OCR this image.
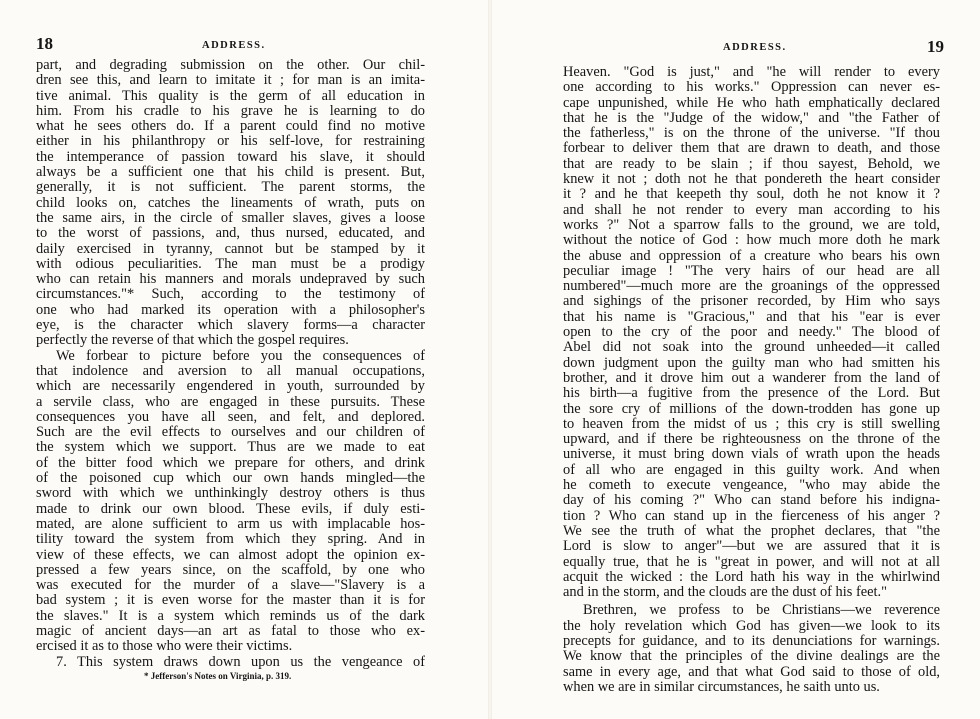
18	ADDRESS.
part, and degrading submission on the other. Our chil-
dren see this, and learn to imitate it ; for man is an imita-
tive animal. This quality is the germ of all education in
him. From his cradle to his grave he is learning to do
what he sees others do. If a parent could find no motive
either in his philanthropy or his self-love, for restraining
the intemperance of passion toward his slave, it should
always be a sufficient one that his child is present. But,
generally, it is not sufficient. The parent storms, the
child looks on, catches the lineaments of wrath, puts on
the same airs, in the circle of smaller slaves, gives a loose
to the worst of passions, and, thus nursed, educated, and
daily exercised in tyranny, cannot but be stamped by it
with odious peculiarities. The man must be a prodigy
who can retain his manners and morals undepraved by such
circumstances."* Such, according to the testimony of
one who had marked its operation with a philosopher's
eye, is the character which slavery forms—a character
perfectly the reverse of that which the gospel requires.
We forbear to picture before you the consequences of
that indolence and aversion to all manual occupations,
which are necessarily engendered in youth, surrounded by
a servile class, who are engaged in these pursuits. These
consequences you have all seen, and felt, and deplored.
Such are the evil effects to ourselves and our children of
the system which we support. Thus are we made to eat
of the bitter food which we prepare for others, and drink
of the poisoned cup which our own hands mingled—the
sword with which we unthinkingly destroy others is thus
made to drink our own blood. These evils, if duly esti-
mated, are alone sufficient to arm us with implacable hos-
tility toward the system from which they spring. And in
view of these effects, we can almost adopt the opinion ex-
pressed a few years since, on the scaffold, by one who
was executed for the murder of a slave—"Slavery is a
bad system ; it is even worse for the master than it is for
the slaves." It is a system which reminds us of the dark
magic of ancient days—an art as fatal to those who ex-
ercised it as to those who were their victims.
7. This system draws down upon us the vengeance of
* Jefferson's Notes on Virginia, p. 319.
ADDRESS.	19
Heaven. "God is just," and "he will render to every
one according to his works." Oppression can never es-
cape unpunished, while He who hath emphatically declared
that he is the "Judge of the widow," and "the Father of
the fatherless," is on the throne of the universe. "If thou
forbear to deliver them that are drawn to death, and those
that are ready to be slain ; if thou sayest, Behold, we
knew it not ; doth not he that pondereth the heart consider
it ? and he that keepeth thy soul, doth he not know it ?
and shall he not render to every man according to his
works ?" Not a sparrow falls to the ground, we are told,
without the notice of God : how much more doth he mark
the abuse and oppression of a creature who bears his own
peculiar image ! "The very hairs of our head are all
numbered"—much more are the groanings of the oppressed
and sighings of the prisoner recorded, by Him who says
that his name is "Gracious," and that his "ear is ever
open to the cry of the poor and needy." The blood of
Abel did not soak into the ground unheeded—it called
down judgment upon the guilty man who had smitten his
brother, and it drove him out a wanderer from the land of
his birth—a fugitive from the presence of the Lord. But
the sore cry of millions of the down-trodden has gone up
to heaven from the midst of us ; this cry is still swelling
upward, and if there be righteousness on the throne of the
universe, it must bring down vials of wrath upon the heads
of all who are engaged in this guilty work. And when
he cometh to execute vengeance, "who may abide the
day of his coming ?" Who can stand before his indigna-
tion ? Who can stand up in the fierceness of his anger ?
We see the truth of what the prophet declares, that "the
Lord is slow to anger"—but we are assured that it is
equally true, that he is "great in power, and will not at all
acquit the wicked : the Lord hath his way in the whirlwind
and in the storm, and the clouds are the dust of his feet."
Brethren, we profess to be Christians—we reverence
the holy revelation which God has given—we look to its
precepts for guidance, and to its denunciations for warnings.
We know that the principles of the divine dealings are the
same in every age, and that what God said to those of old,
when we are in similar circumstances, he saith unto us.
